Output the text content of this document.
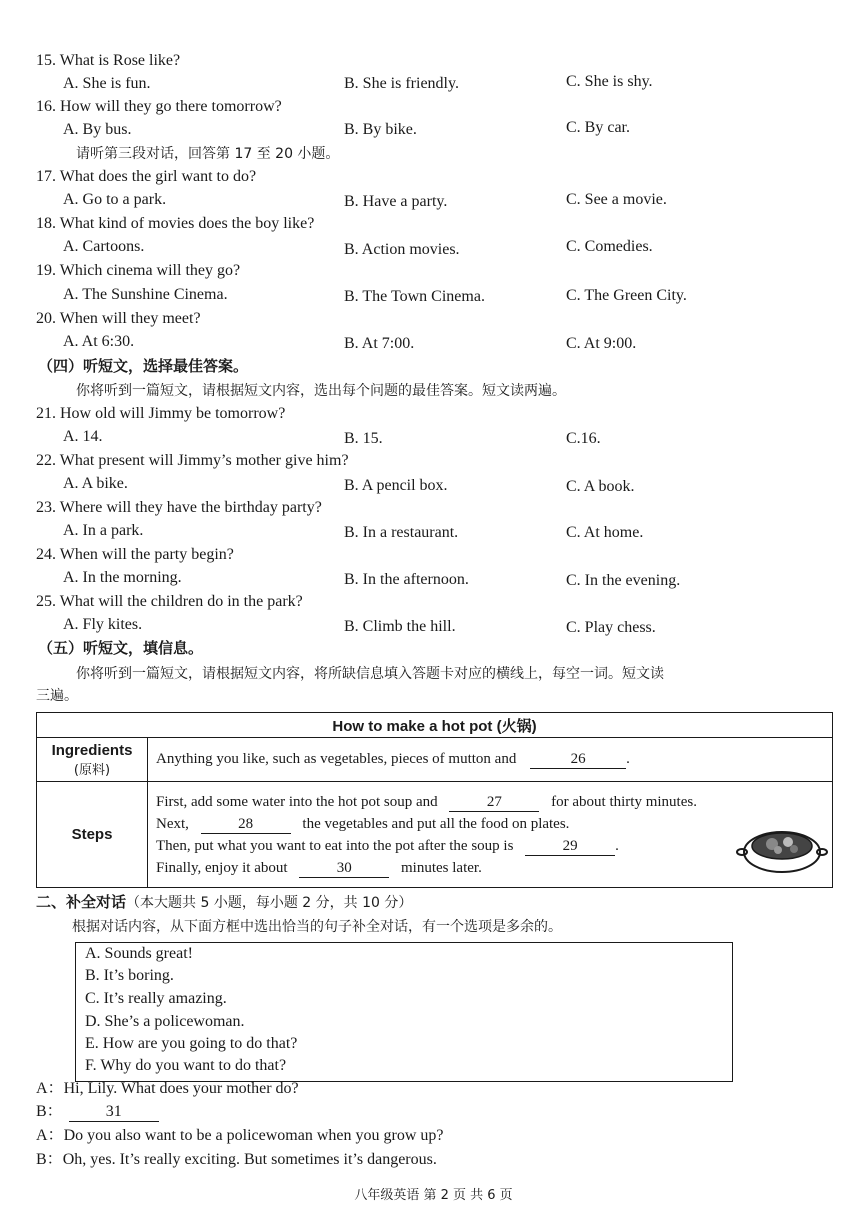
15. What is Rose like?
A. She is fun.	B. She is friendly.	C. She is shy.
16. How will they go there tomorrow?
A. By bus.	B. By bike.	C. By car.
请听第三段对话，回答第 17 至 20 小题。
17. What does the girl want to do?
A. Go to a park.	B. Have a party.	C. See a movie.
18. What kind of movies does the boy like?
A. Cartoons.	B. Action movies.	C. Comedies.
19. Which cinema will they go?
A. The Sunshine Cinema.	B. The Town Cinema.	C. The Green City.
20. When will they meet?
A. At 6:30.	B. At 7:00.	C. At 9:00.
（四）听短文，选择最佳答案。
你将听到一篇短文，请根据短文内容，选出每个问题的最佳答案。短文读两遍。
21. How old will Jimmy be tomorrow?
A. 14.	B. 15.	C.16.
22. What present will Jimmy’s mother give him?
A. A bike.	B. A pencil box.	C. A book.
23. Where will they have the birthday party?
A. In a park.	B. In a restaurant.	C. At home.
24. When will the party begin?
A. In the morning.	B. In the afternoon.	C. In the evening.
25. What will the children do in the park?
A. Fly kites.	B. Climb the hill.	C. Play chess.
（五）听短文，填信息。
你将听到一篇短文，请根据短文内容，将所缺信息填入答题卡对应的横线上，每空一词。短文读
三遍。
How to make a hot pot (火锅)	

Ingredients
(原料)	Anything you like, such as vegetables, pieces of mutton and 26 .
Steps	First, add some water into the hot pot soup and 27 for about thirty minutes.
Next, 28 the vegetables and put all the food on plates.
Then, put what you want to eat into the pot after the soup is 29 .
Finally, enjoy it about 30 minutes later.
二、补全对话（本大题共 5 小题，每小题 2 分，共 10 分）
根据对话内容，从下面方框中选出恰当的句子补全对话，有一个选项是多余的。
A. Sounds great!
B. It’s boring.
C. It’s really amazing.
D. She’s a policewoman.
E. How are you going to do that?
F. Why do you want to do that?
A：Hi, Lily. What does your mother do?
B：	31
A：Do you also want to be a policewoman when you grow up?
B：Oh, yes. It’s really exciting. But sometimes it’s dangerous.
八年级英语 第 2 页 共 6 页
